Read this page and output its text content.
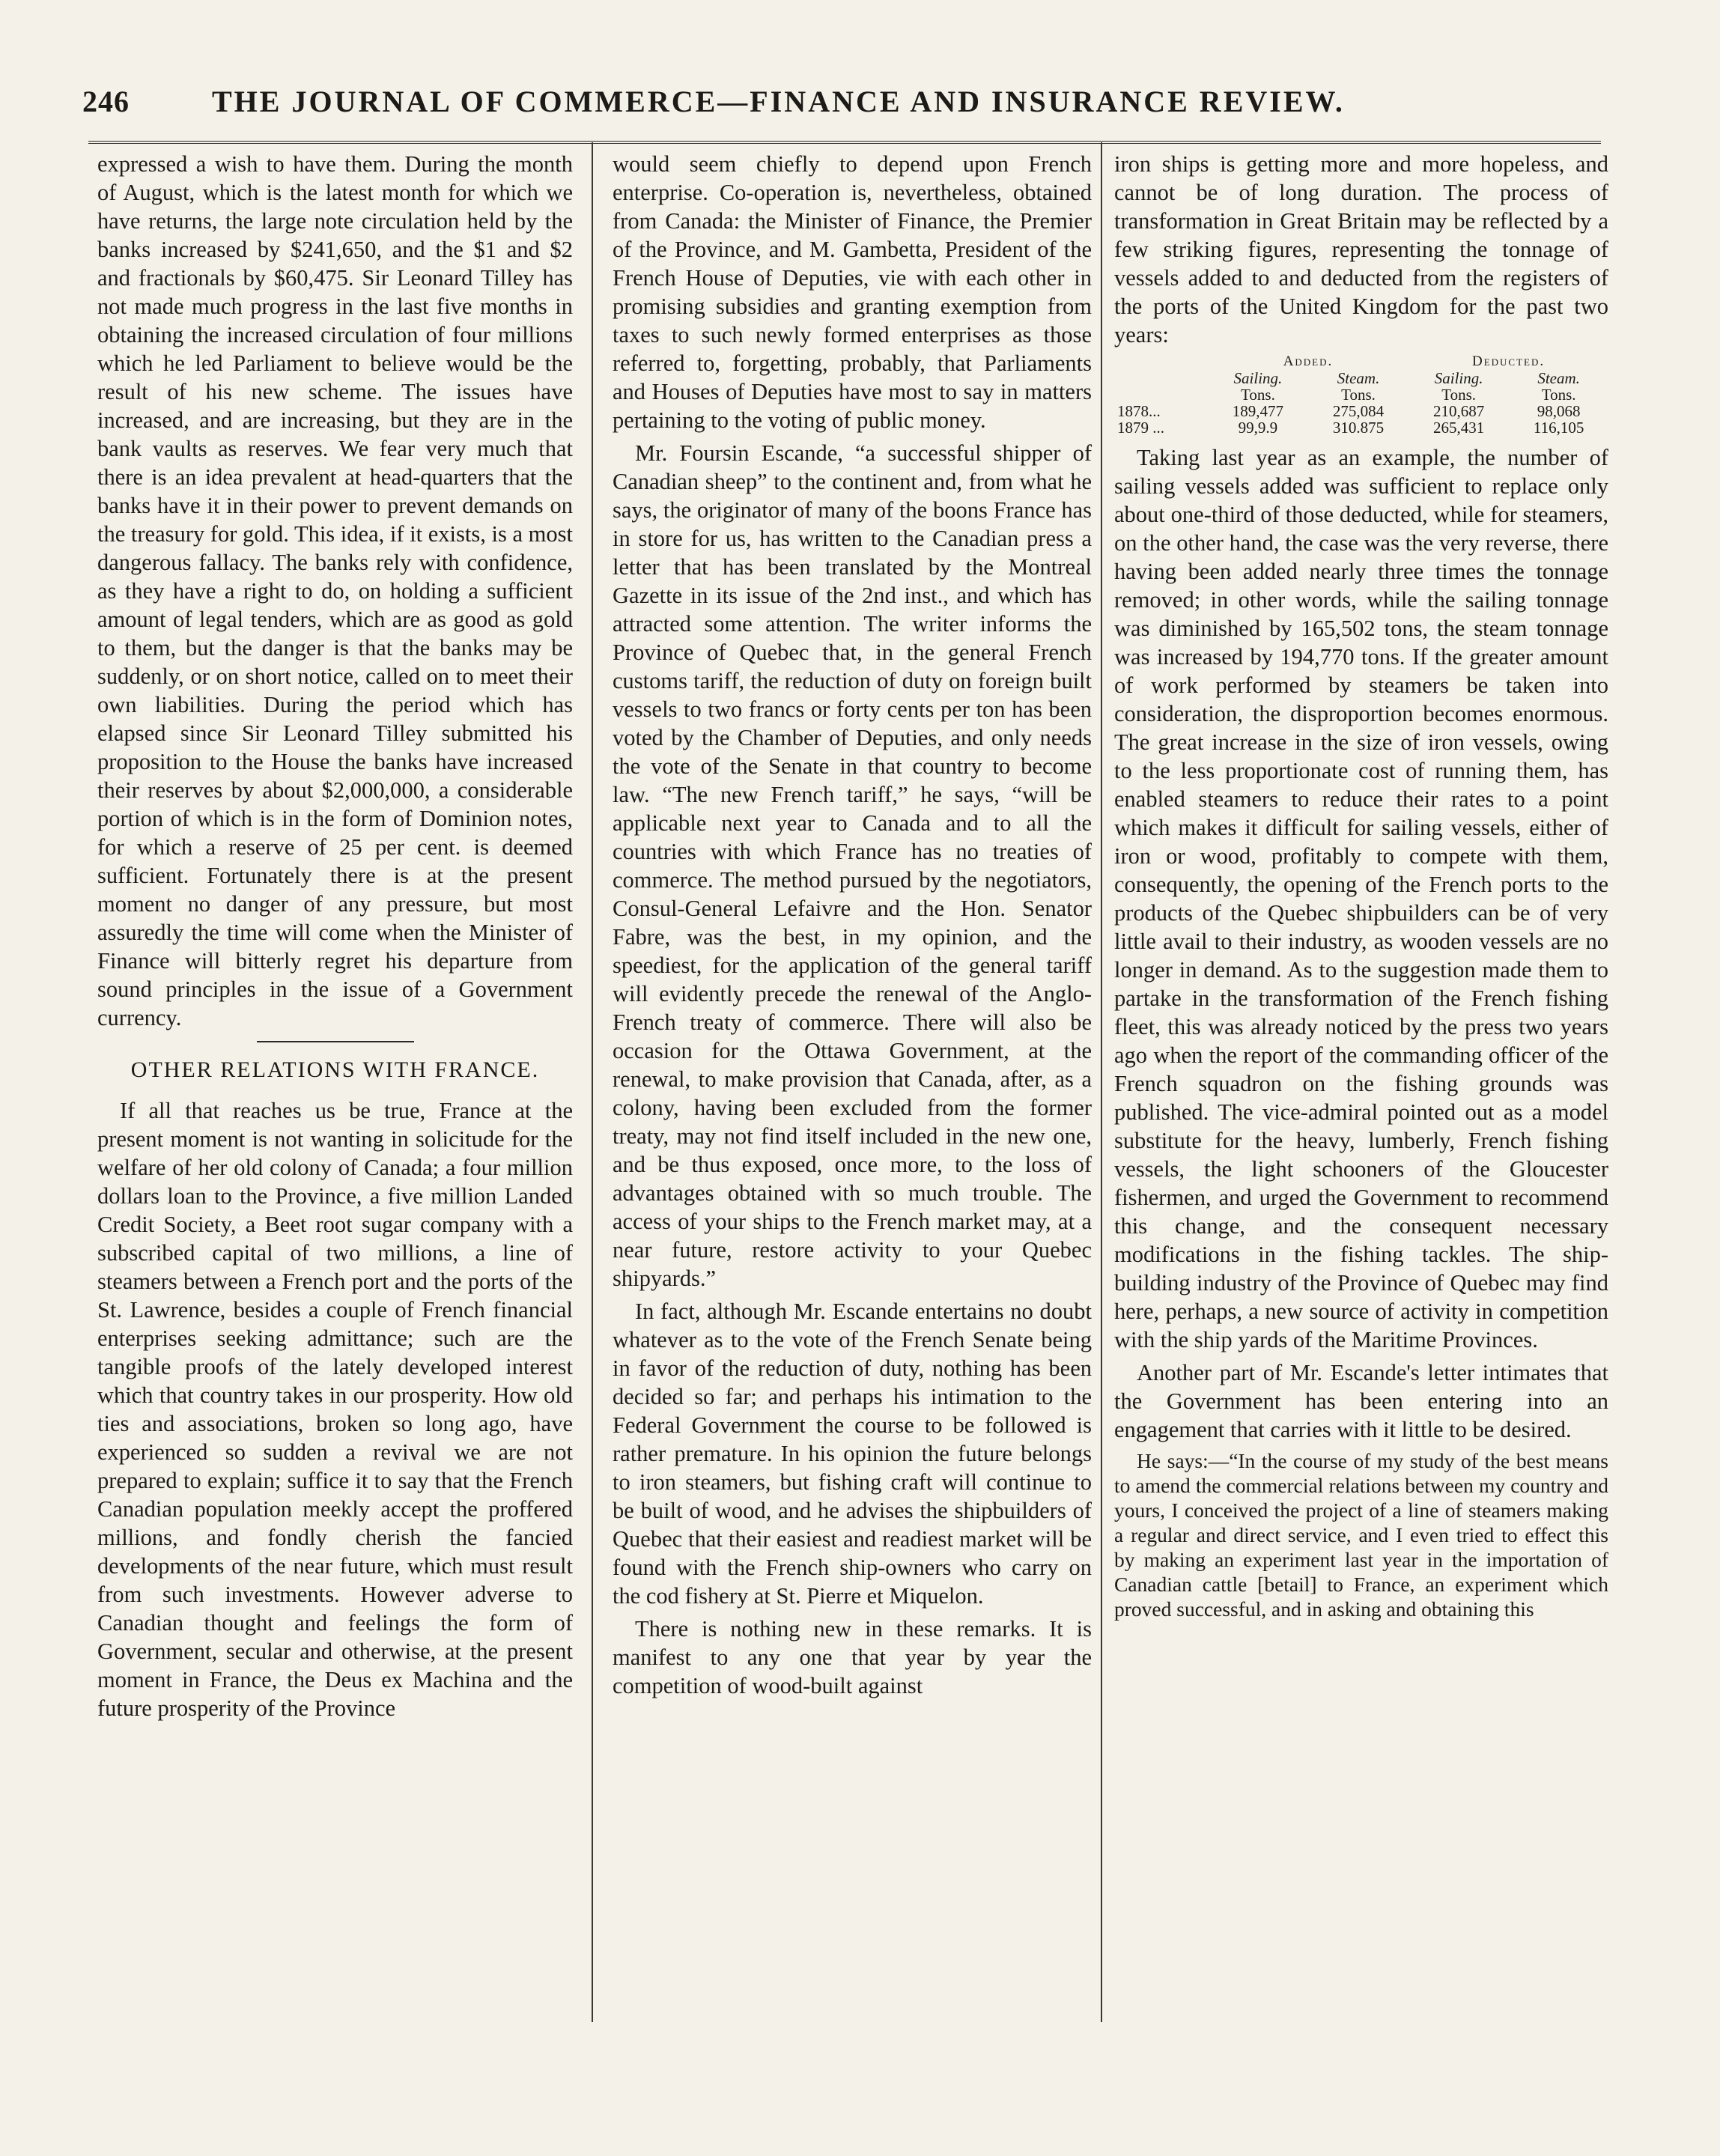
246	THE JOURNAL OF COMMERCE—FINANCE AND INSURANCE REVIEW.

expressed a wish to have them. During the month of August, which is the latest month for which we have returns, the large note circulation held by the banks increased by $241,650, and the $1 and $2 and fractionals by $60,475. Sir Leonard Tilley has not made much progress in the last five months in obtaining the increased circulation of four millions which he led Parliament to believe would be the result of his new scheme. The issues have increased, and are increasing, but they are in the bank vaults as reserves. We fear very much that there is an idea prevalent at head-quarters that the banks have it in their power to prevent demands on the treasury for gold. This idea, if it exists, is a most dangerous fallacy. The banks rely with confidence, as they have a right to do, on holding a sufficient amount of legal tenders, which are as good as gold to them, but the danger is that the banks may be suddenly, or on short notice, called on to meet their own liabilities. During the period which has elapsed since Sir Leonard Tilley submitted his proposition to the House the banks have increased their reserves by about $2,000,000, a considerable portion of which is in the form of Dominion notes, for which a reserve of 25 per cent. is deemed sufficient. Fortunately there is at the present moment no danger of any pressure, but most assuredly the time will come when the Minister of Finance will bitterly regret his departure from sound principles in the issue of a Government currency.

OTHER RELATIONS WITH FRANCE.

If all that reaches us be true, France at the present moment is not wanting in solicitude for the welfare of her old colony of Canada; a four million dollars loan to the Province, a five million Landed Credit Society, a Beet root sugar company with a subscribed capital of two millions, a line of steamers between a French port and the ports of the St. Lawrence, besides a couple of French financial enterprises seeking admittance; such are the tangible proofs of the lately developed interest which that country takes in our prosperity. How old ties and associations, broken so long ago, have experienced so sudden a revival we are not prepared to explain; suffice it to say that the French Canadian population meekly accept the proffered millions, and fondly cherish the fancied developments of the near future, which must result from such investments. However adverse to Canadian thought and feelings the form of Government, secular and otherwise, at the present moment in France, the Deus ex Machina and the future prosperity of the Province

would seem chiefly to depend upon French enterprise. Co-operation is, nevertheless, obtained from Canada: the Minister of Finance, the Premier of the Province, and M. Gambetta, President of the French House of Deputies, vie with each other in promising subsidies and granting exemption from taxes to such newly formed enterprises as those referred to, forgetting, probably, that Parliaments and Houses of Deputies have most to say in matters pertaining to the voting of public money.

Mr. Foursin Escande, “a successful shipper of Canadian sheep” to the continent and, from what he says, the originator of many of the boons France has in store for us, has written to the Canadian press a letter that has been translated by the Montreal Gazette in its issue of the 2nd inst., and which has attracted some attention. The writer informs the Province of Quebec that, in the general French customs tariff, the reduction of duty on foreign built vessels to two francs or forty cents per ton has been voted by the Chamber of Deputies, and only needs the vote of the Senate in that country to become law. “The new French tariff,” he says, “will be applicable next year to Canada and to all the countries with which France has no treaties of commerce. The method pursued by the negotiators, Consul-General Lefaivre and the Hon. Senator Fabre, was the best, in my opinion, and the speediest, for the application of the general tariff will evidently precede the renewal of the Anglo-French treaty of commerce. There will also be occasion for the Ottawa Government, at the renewal, to make provision that Canada, after, as a colony, having been excluded from the former treaty, may not find itself included in the new one, and be thus exposed, once more, to the loss of advantages obtained with so much trouble. The access of your ships to the French market may, at a near future, restore activity to your Quebec shipyards.”

In fact, although Mr. Escande entertains no doubt whatever as to the vote of the French Senate being in favor of the reduction of duty, nothing has been decided so far; and perhaps his intimation to the Federal Government the course to be followed is rather premature. In his opinion the future belongs to iron steamers, but fishing craft will continue to be built of wood, and he advises the shipbuilders of Quebec that their easiest and readiest market will be found with the French ship-owners who carry on the cod fishery at St. Pierre et Miquelon.

There is nothing new in these remarks. It is manifest to any one that year by year the competition of wood-built against

iron ships is getting more and more hopeless, and cannot be of long duration. The process of transformation in Great Britain may be reflected by a few striking figures, representing the tonnage of vessels added to and deducted from the registers of the ports of the United Kingdom for the past two years:

	Added.		Deducted.	
	Sailing.	Steam.	Sailing.	Steam.
	Tons.	Tons.	Tons.	Tons.
1878...	189,477	275,084	210,687	98,068
1879 ...	99,9.9	310.875	265,431	116,105

Taking last year as an example, the number of sailing vessels added was sufficient to replace only about one-third of those deducted, while for steamers, on the other hand, the case was the very reverse, there having been added nearly three times the tonnage removed; in other words, while the sailing tonnage was diminished by 165,502 tons, the steam tonnage was increased by 194,770 tons. If the greater amount of work performed by steamers be taken into consideration, the disproportion becomes enormous. The great increase in the size of iron vessels, owing to the less proportionate cost of running them, has enabled steamers to reduce their rates to a point which makes it difficult for sailing vessels, either of iron or wood, profitably to compete with them, consequently, the opening of the French ports to the products of the Quebec shipbuilders can be of very little avail to their industry, as wooden vessels are no longer in demand. As to the suggestion made them to partake in the transformation of the French fishing fleet, this was already noticed by the press two years ago when the report of the commanding officer of the French squadron on the fishing grounds was published. The vice-admiral pointed out as a model substitute for the heavy, lumberly, French fishing vessels, the light schooners of the Gloucester fishermen, and urged the Government to recommend this change, and the consequent necessary modifications in the fishing tackles. The ship-building industry of the Province of Quebec may find here, perhaps, a new source of activity in competition with the ship yards of the Maritime Provinces.

Another part of Mr. Escande's letter intimates that the Government has been entering into an engagement that carries with it little to be desired.

He says:—“In the course of my study of the best means to amend the commercial relations between my country and yours, I conceived the project of a line of steamers making a regular and direct service, and I even tried to effect this by making an experiment last year in the importation of Canadian cattle [betail] to France, an experiment which proved successful, and in asking and obtaining this
